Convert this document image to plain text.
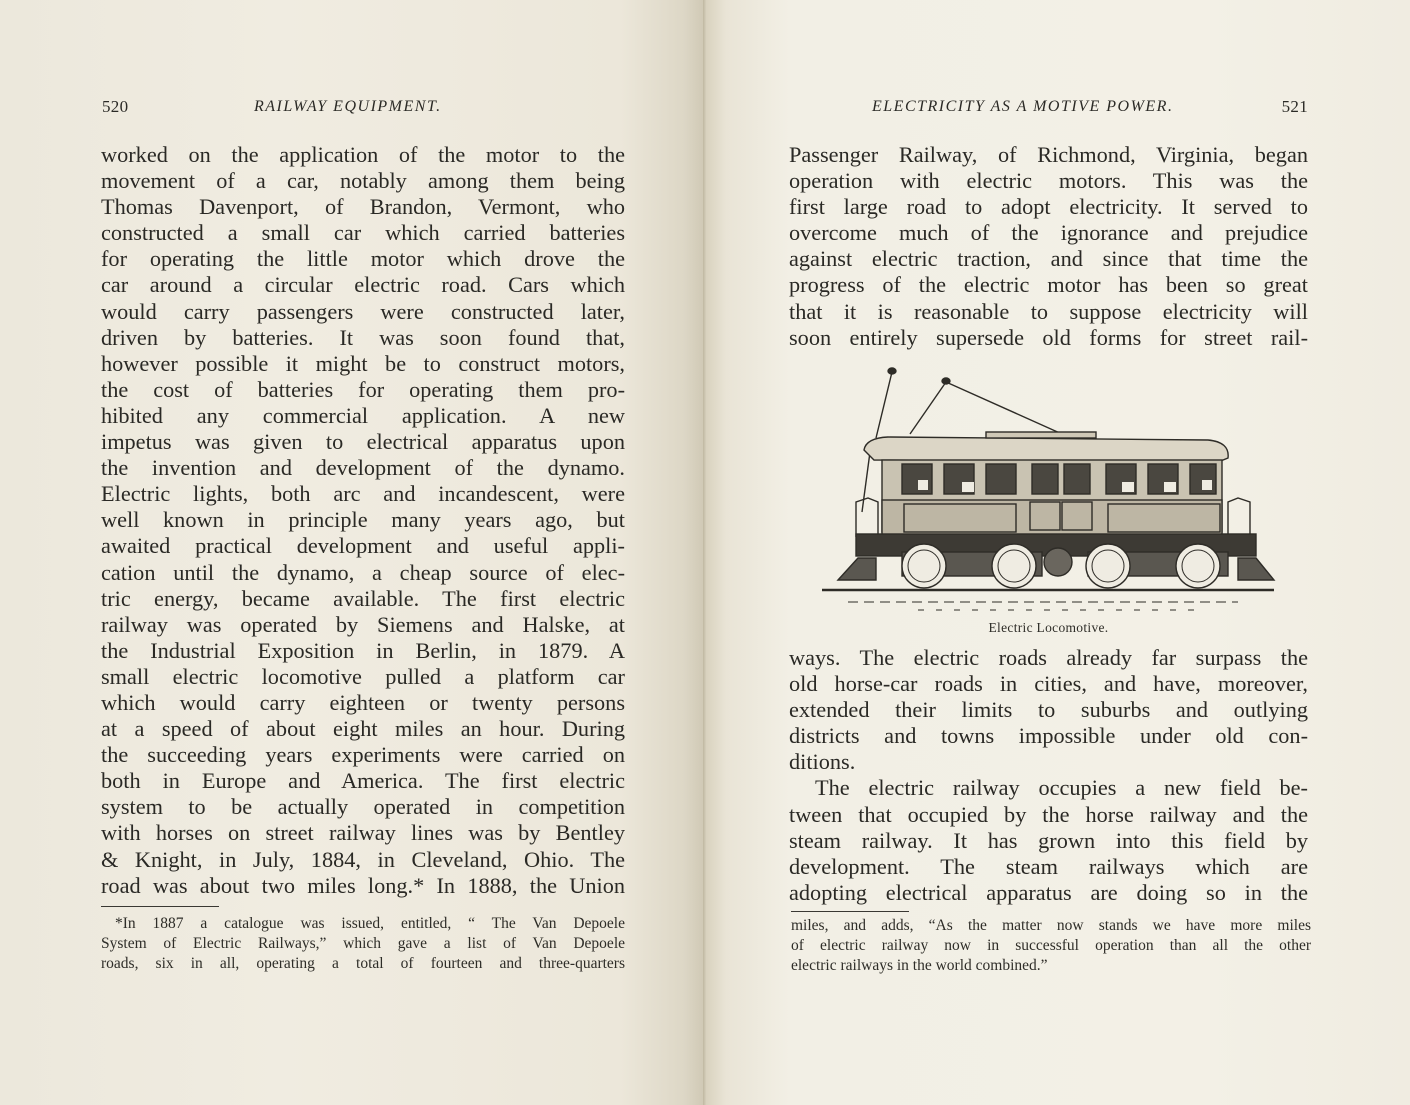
520	RAILWAY EQUIPMENT.
worked on the application of the motor to the
movement of a car, notably among them being
Thomas Davenport, of Brandon, Vermont, who
constructed a small car which carried batteries
for operating the little motor which drove the
car around a circular electric road. Cars which
would carry passengers were constructed later,
driven by batteries. It was soon found that,
however possible it might be to construct motors,
the cost of batteries for operating them pro-
hibited any commercial application. A new
impetus was given to electrical apparatus upon
the invention and development of the dynamo.
Electric lights, both arc and incandescent, were
well known in principle many years ago, but
awaited practical development and useful appli-
cation until the dynamo, a cheap source of elec-
tric energy, became available. The first electric
railway was operated by Siemens and Halske, at
the Industrial Exposition in Berlin, in 1879. A
small electric locomotive pulled a platform car
which would carry eighteen or twenty persons
at a speed of about eight miles an hour. During
the succeeding years experiments were carried on
both in Europe and America. The first electric
system to be actually operated in competition
with horses on street railway lines was by Bentley
& Knight, in July, 1884, in Cleveland, Ohio. The
road was about two miles long.* In 1888, the Union
*In 1887 a catalogue was issued, entitled, “ The Van Depoele
System of Electric Railways,” which gave a list of Van Depoele
roads, six in all, operating a total of fourteen and three-quarters
ELECTRICITY AS A MOTIVE POWER.	521
Passenger Railway, of Richmond, Virginia, began
operation with electric motors. This was the
first large road to adopt electricity. It served to
overcome much of the ignorance and prejudice
against electric traction, and since that time the
progress of the electric motor has been so great
that it is reasonable to suppose electricity will
soon entirely supersede old forms for street rail-
Electric Locomotive.
ways. The electric roads already far surpass the
old horse-car roads in cities, and have, moreover,
extended their limits to suburbs and outlying
districts and towns impossible under old con-
ditions.
The electric railway occupies a new field be-
tween that occupied by the horse railway and the
steam railway. It has grown into this field by
development. The steam railways which are
adopting electrical apparatus are doing so in the
miles, and adds, “As the matter now stands we have more miles
of electric railway now in successful operation than all the other
electric railways in the world combined.”
